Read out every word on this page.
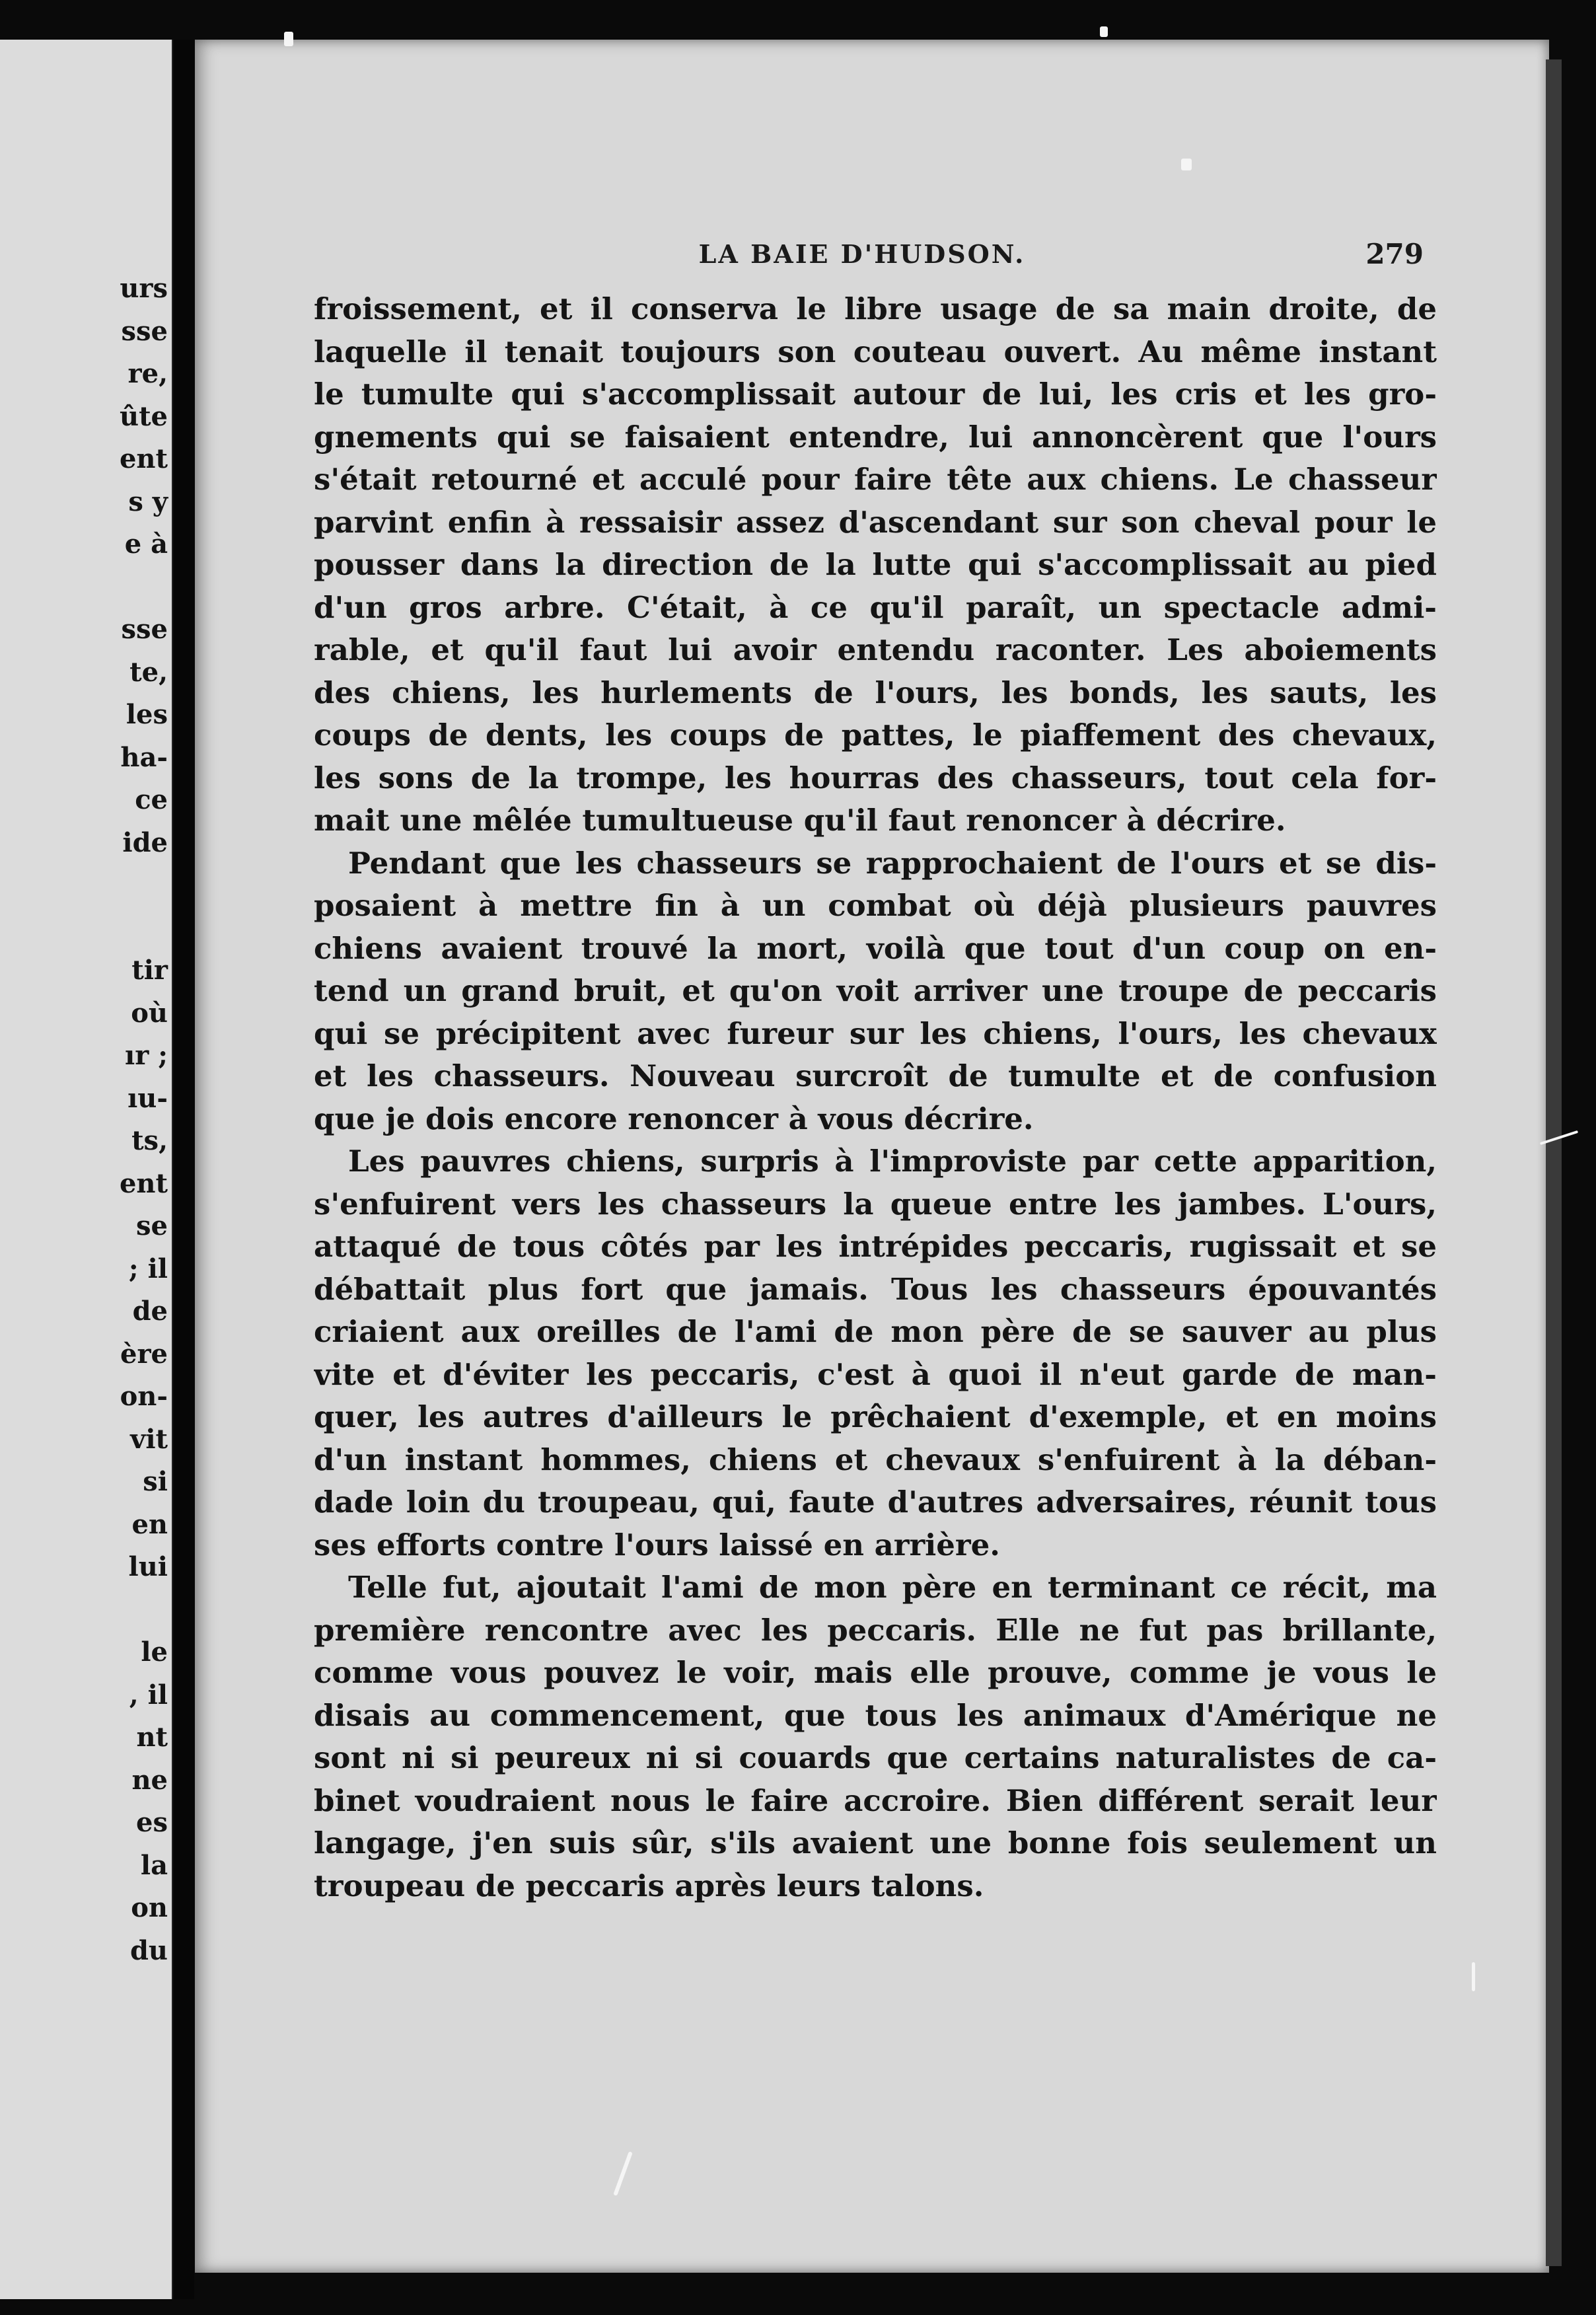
urs
sse
re,
ûte
ent
s y
e à
sse
te,
les
ha-
ce
ide
tir
où
ır ;
ıu-
ts,
ent
se
; il
de
ère
on-
vit
si
en
lui
le
, il
nt
ne
es
la
on
du
LA BAIE D'HUDSON.	279
froissement, et il conserva le libre usage de sa main droite, de
laquelle il tenait toujours son couteau ouvert. Au même instant
le tumulte qui s'accomplissait autour de lui, les cris et les gro-
gnements qui se faisaient entendre, lui annoncèrent que l'ours
s'était retourné et acculé pour faire tête aux chiens. Le chasseur
parvint enfin à ressaisir assez d'ascendant sur son cheval pour le
pousser dans la direction de la lutte qui s'accomplissait au pied
d'un gros arbre. C'était, à ce qu'il paraît, un spectacle admi-
rable, et qu'il faut lui avoir entendu raconter. Les aboiements
des chiens, les hurlements de l'ours, les bonds, les sauts, les
coups de dents, les coups de pattes, le piaffement des chevaux,
les sons de la trompe, les hourras des chasseurs, tout cela for-
mait une mêlée tumultueuse qu'il faut renoncer à décrire.
Pendant que les chasseurs se rapprochaient de l'ours et se dis-
posaient à mettre fin à un combat où déjà plusieurs pauvres
chiens avaient trouvé la mort, voilà que tout d'un coup on en-
tend un grand bruit, et qu'on voit arriver une troupe de peccaris
qui se précipitent avec fureur sur les chiens, l'ours, les chevaux
et les chasseurs. Nouveau surcroît de tumulte et de confusion
que je dois encore renoncer à vous décrire.
Les pauvres chiens, surpris à l'improviste par cette apparition,
s'enfuirent vers les chasseurs la queue entre les jambes. L'ours,
attaqué de tous côtés par les intrépides peccaris, rugissait et se
débattait plus fort que jamais. Tous les chasseurs épouvantés
criaient aux oreilles de l'ami de mon père de se sauver au plus
vite et d'éviter les peccaris, c'est à quoi il n'eut garde de man-
quer, les autres d'ailleurs le prêchaient d'exemple, et en moins
d'un instant hommes, chiens et chevaux s'enfuirent à la déban-
dade loin du troupeau, qui, faute d'autres adversaires, réunit tous
ses efforts contre l'ours laissé en arrière.
Telle fut, ajoutait l'ami de mon père en terminant ce récit, ma
première rencontre avec les peccaris. Elle ne fut pas brillante,
comme vous pouvez le voir, mais elle prouve, comme je vous le
disais au commencement, que tous les animaux d'Amérique ne
sont ni si peureux ni si couards que certains naturalistes de ca-
binet voudraient nous le faire accroire. Bien différent serait leur
langage, j'en suis sûr, s'ils avaient une bonne fois seulement un
troupeau de peccaris après leurs talons.
